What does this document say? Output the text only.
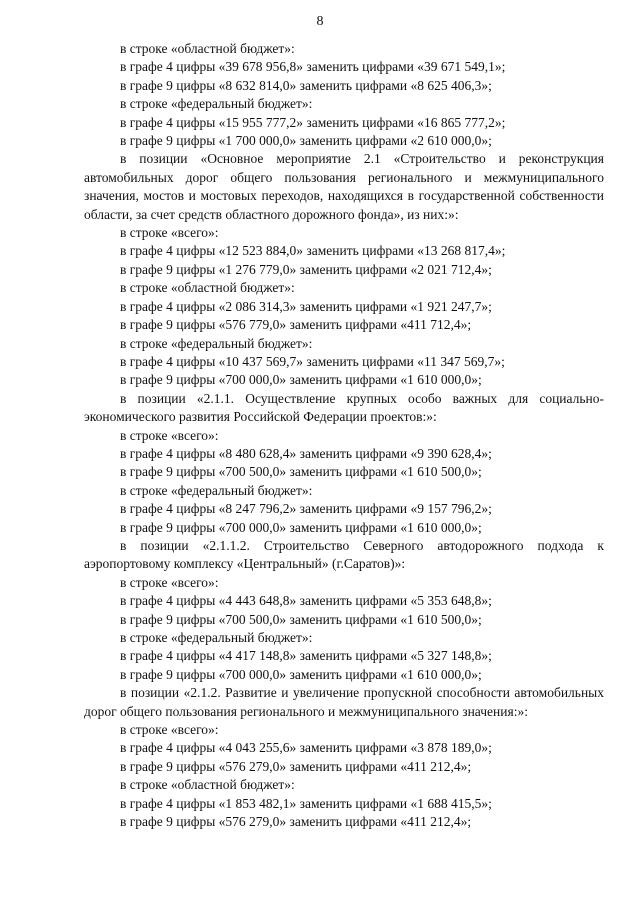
8
в строке «областной бюджет»:
в графе 4 цифры «39 678 956,8» заменить цифрами «39 671 549,1»;
в графе 9 цифры «8 632 814,0» заменить цифрами «8 625 406,3»;
в строке «федеральный бюджет»:
в графе 4 цифры «15 955 777,2» заменить цифрами «16 865 777,2»;
в графе 9 цифры «1 700 000,0» заменить цифрами «2 610 000,0»;
в позиции «Основное мероприятие 2.1 «Строительство и реконструкция автомобильных дорог общего пользования регионального и межмуниципального значения, мостов и мостовых переходов, находящихся в государственной собственности области, за счет средств областного дорожного фонда», из них:»:
в строке «всего»:
в графе 4 цифры «12 523 884,0» заменить цифрами «13 268 817,4»;
в графе 9 цифры «1 276 779,0» заменить цифрами «2 021 712,4»;
в строке «областной бюджет»:
в графе 4 цифры «2 086 314,3» заменить цифрами «1 921 247,7»;
в графе 9 цифры «576 779,0» заменить цифрами «411 712,4»;
в строке «федеральный бюджет»:
в графе 4 цифры «10 437 569,7» заменить цифрами «11 347 569,7»;
в графе 9 цифры «700 000,0» заменить цифрами «1 610 000,0»;
в позиции «2.1.1. Осуществление крупных особо важных для социально-экономического развития Российской Федерации проектов:»:
в строке «всего»:
в графе 4 цифры «8 480 628,4» заменить цифрами «9 390 628,4»;
в графе 9 цифры «700 500,0» заменить цифрами «1 610 500,0»;
в строке «федеральный бюджет»:
в графе 4 цифры «8 247 796,2» заменить цифрами «9 157 796,2»;
в графе 9 цифры «700 000,0» заменить цифрами «1 610 000,0»;
в позиции «2.1.1.2. Строительство Северного автодорожного подхода к аэропортовому комплексу «Центральный» (г.Саратов)»:
в строке «всего»:
в графе 4 цифры «4 443 648,8» заменить цифрами «5 353 648,8»;
в графе 9 цифры «700 500,0» заменить цифрами «1 610 500,0»;
в строке «федеральный бюджет»:
в графе 4 цифры «4 417 148,8» заменить цифрами «5 327 148,8»;
в графе 9 цифры «700 000,0» заменить цифрами «1 610 000,0»;
в позиции «2.1.2. Развитие и увеличение пропускной способности автомобильных дорог общего пользования регионального и межмуниципального значения:»:
в строке «всего»:
в графе 4 цифры «4 043 255,6» заменить цифрами «3 878 189,0»;
в графе 9 цифры «576 279,0» заменить цифрами «411 212,4»;
в строке «областной бюджет»:
в графе 4 цифры «1 853 482,1» заменить цифрами «1 688 415,5»;
в графе 9 цифры «576 279,0» заменить цифрами «411 212,4»;
